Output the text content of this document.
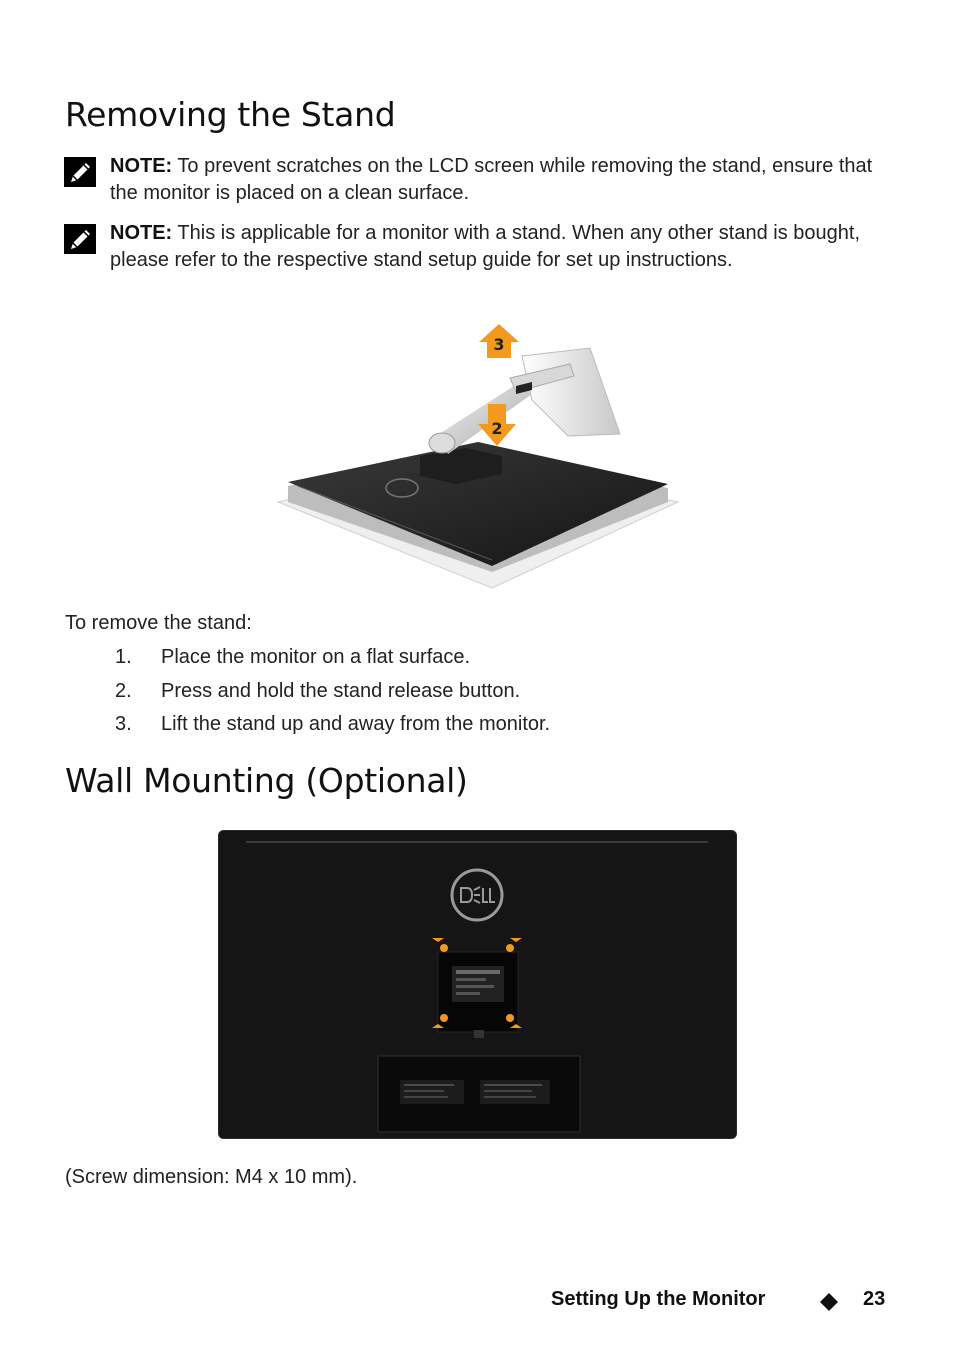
Removing the Stand
NOTE: To prevent scratches on the LCD screen while removing the stand, ensure that the monitor is placed on a clean surface.
NOTE: This is applicable for a monitor with a stand. When any other stand is bought, please refer to the respective stand setup guide for set up instructions.
3
2
To remove the stand:
1. Place the monitor on a flat surface.
2. Press and hold the stand release button.
3. Lift the stand up and away from the monitor.
Wall Mounting (Optional)
(Screw dimension: M4 x 10 mm).
Setting Up the Monitor	23
